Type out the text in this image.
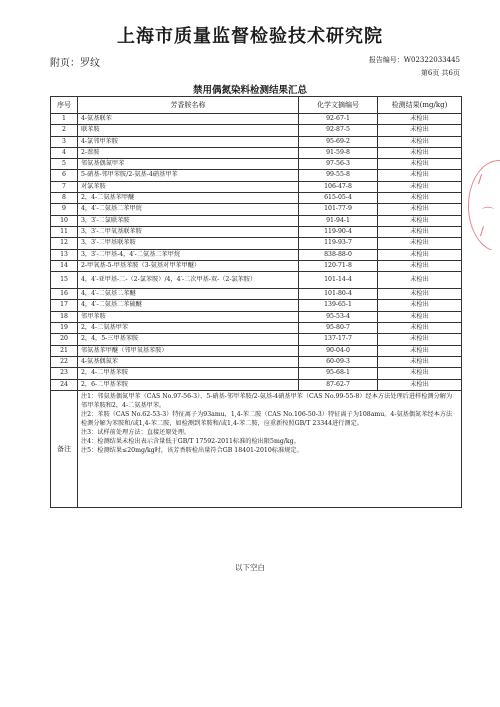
上海市质量监督检验技术研究院
附页：罗纹	报告编号：W02322033445
第6页 共6页
禁用偶氮染料检测结果汇总
序号	芳香胺名称	化学文摘编号	检测结果(mg/kg)
1	4-氨基联苯	92-67-1	未检出
2	联苯胺	92-87-5	未检出
3	4-氯邻甲苯胺	95-69-2	未检出
4	2-萘胺	91-59-8	未检出
5	邻氨基偶氮甲苯	97-56-3	未检出
6	5-硝基-邻甲苯胺/2-氨基-4硝基甲苯	99-55-8	未检出
7	对氯苯胺	106-47-8	未检出
8	2，4-二氨基苯甲醚	615-05-4	未检出
9	4，4′-二氨基二苯甲烷	101-77-9	未检出
10	3，3′-二氯联苯胺	91-94-1	未检出
11	3，3′-二甲氧基联苯胺	119-90-4	未检出
12	3，3′-二甲基联苯胺	119-93-7	未检出
13	3，3′-二甲基-4，4′-二氨基二苯甲烷	838-88-0	未检出
14	2-甲氧基-5-甲基苯胺（3-氨基对甲苯甲醚）	120-71-8	未检出
15	4，4′-亚甲基-二-（2-氯苯胺）/4，4′-二次甲基-双-（2-氯苯胺）	101-14-4	未检出
16	4，4′-二氨基二苯醚	101-80-4	未检出
17	4，4′-二氨基二苯硫醚	139-65-1	未检出
18	邻甲苯胺	95-53-4	未检出
19	2，4-二氨基甲苯	95-80-7	未检出
20	2，4，5-三甲基苯胺	137-17-7	未检出
21	邻氨基苯甲醚（邻甲氧基苯胺）	90-04-0	未检出
22	4-氨基偶氮苯	60-09-3	未检出
23	2，4-二甲基苯胺	95-68-1	未检出
24	2，6-二甲基苯胺	87-62-7	未检出
备注	注1：邻氨基偶氮甲苯（CAS No.97-56-3）、5-硝基-邻甲苯胺/2-氨基-4硝基甲苯（CAS No.99-55-8）经本方法处理后进样检测分解为邻甲苯胺和2，4-二氨基甲苯。
注2：苯胺（CAS No.62-53-3）特征离子为93amu，1,4-苯二胺（CAS No.106-50-3）特征离子为108amu。4-氨基偶氮苯经本方法检测分解为苯胺和/或1,4-苯二胺，如检测到苯胺和/或1,4-苯二胺，应重新按照GB/T 23344进行测定。
注3：试样前处理方法：直接还原处理。
注4：检测结果未检出表示含量低于GB/T 17592-2011标准的检出限5mg/kg。
注5：检测结果≤20mg/kg时，该芳香胺检出量符合GB 18401-2010标准规定。		
以下空白
∕
⌒
∕
